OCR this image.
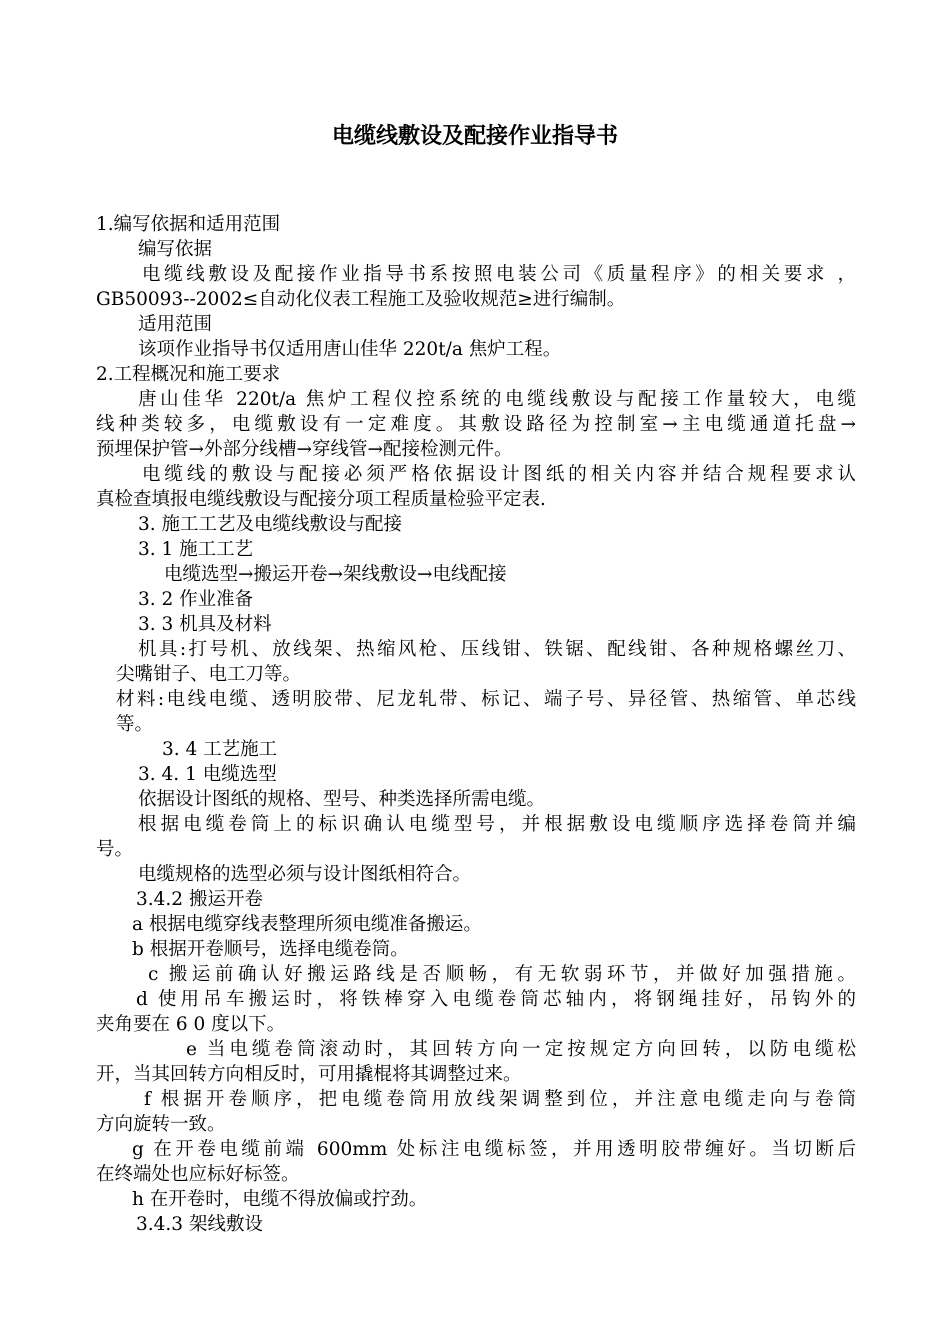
电缆线敷设及配接作业指导书

1.编写依据和适用范围

编写依据

电缆线敷设及配接作业指导书系按照电装公司《质量程序》的相关要求 ，

GB50093--2002≤自动化仪表工程施工及验收规范≥进行编制。

适用范围

该项作业指导书仅适用唐山佳华 220t/a 焦炉工程。

2.工程概况和施工要求

唐山佳华 220t/a 焦炉工程仪控系统的电缆线敷设与配接工作量较大，电缆

线种类较多，电缆敷设有一定难度。其敷设路径为控制室→主电缆通道托盘→

预埋保护管→外部分线槽→穿线管→配接检测元件。

电缆线的敷设与配接必须严格依据设计图纸的相关内容并结合规程要求认

真检查填报电缆线敷设与配接分项工程质量检验平定表.

3. 施工工艺及电缆线敷设与配接

3. 1 施工工艺

电缆选型→搬运开卷→架线敷设→电线配接

3. 2 作业准备

3. 3 机具及材料

机具:打号机、放线架、热缩风枪、压线钳、铁锯、配线钳、各种规格螺丝刀、

尖嘴钳子、电工刀等。

材料:电线电缆、透明胶带、尼龙轧带、标记、端子号、异径管、热缩管、单芯线

等。

3. 4 工艺施工

3. 4. 1 电缆选型

依据设计图纸的规格、型号、种类选择所需电缆。

根据电缆卷筒上的标识确认电缆型号，并根据敷设电缆顺序选择卷筒并编

号。

电缆规格的选型必须与设计图纸相符合。

3.4.2 搬运开卷

a 根据电缆穿线表整理所须电缆准备搬运。

b 根据开卷顺号，选择电缆卷筒。

c 搬运前确认好搬运路线是否顺畅，有无软弱环节，并做好加强措施。

d 使用吊车搬运时，将铁棒穿入电缆卷筒芯轴内，将钢绳挂好，吊钩外的

夹角要在 6 0 度以下。

e 当电缆卷筒滚动时，其回转方向一定按规定方向回转，以防电缆松

开，当其回转方向相反时，可用撬棍将其调整过来。

f 根据开卷顺序，把电缆卷筒用放线架调整到位，并注意电缆走向与卷筒

方向旋转一致。

g 在开卷电缆前端 600mm 处标注电缆标签，并用透明胶带缠好。当切断后

在终端处也应标好标签。

h 在开卷时，电缆不得放偏或拧劲。

3.4.3 架线敷设
